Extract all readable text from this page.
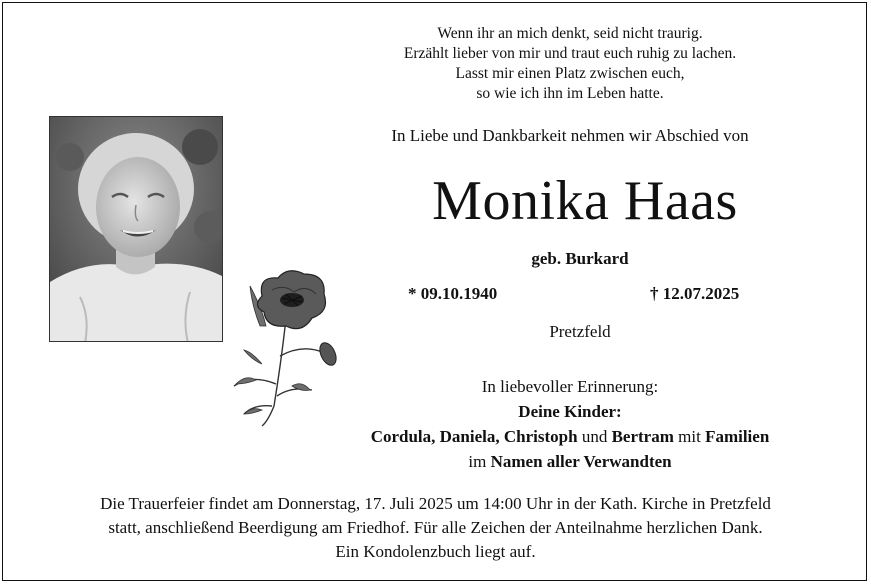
Wenn ihr an mich denkt, seid nicht traurig.
Erzählt lieber von mir und traut euch ruhig zu lachen.
Lasst mir einen Platz zwischen euch,
so wie ich ihn im Leben hatte.
In Liebe und Dankbarkeit nehmen wir Abschied von
Monika Haas
geb. Burkard
* 09.10.1940	† 12.07.2025
Pretzfeld
In liebevoller Erinnerung:
Deine Kinder:
Cordula, Daniela, Christoph und Bertram mit Familien
im Namen aller Verwandten
Die Trauerfeier findet am Donnerstag, 17. Juli 2025 um 14:00 Uhr in der Kath. Kirche in Pretzfeld
statt, anschließend Beerdigung am Friedhof. Für alle Zeichen der Anteilnahme herzlichen Dank.
Ein Kondolenzbuch liegt auf.
